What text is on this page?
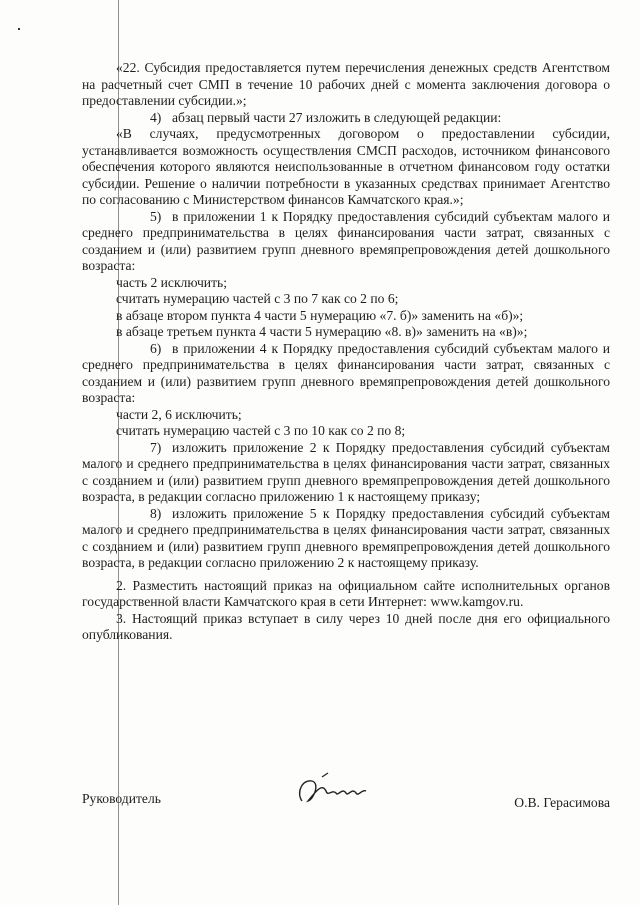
«22. Субсидия предоставляется путем перечисления денежных средств Агентством на расчетный счет СМП в течение 10 рабочих дней с момента заключения договора о предоставлении субсидии.»;

4) абзац первый части 27 изложить в следующей редакции:

«В случаях, предусмотренных договором о предоставлении субсидии, устанавливается возможность осуществления СМСП расходов, источником финансового обеспечения которого являются неиспользованные в отчетном финансовом году остатки субсидии. Решение о наличии потребности в указанных средствах принимает Агентство по согласованию с Министерством финансов Камчатского края.»;

5) в приложении 1 к Порядку предоставления субсидий субъектам малого и среднего предпринимательства в целях финансирования части затрат, связанных с созданием и (или) развитием групп дневного времяпрепровождения детей дошкольного возраста:

часть 2 исключить;

считать нумерацию частей с 3 по 7 как со 2 по 6;

в абзаце втором пункта 4 части 5 нумерацию «7. б)» заменить на «б)»;

в абзаце третьем пункта 4 части 5 нумерацию «8. в)» заменить на «в)»;

6) в приложении 4 к Порядку предоставления субсидий субъектам малого и среднего предпринимательства в целях финансирования части затрат, связанных с созданием и (или) развитием групп дневного времяпрепровождения детей дошкольного возраста:

части 2, 6 исключить;

считать нумерацию частей с 3 по 10 как со 2 по 8;

7) изложить приложение 2 к Порядку предоставления субсидий субъектам малого и среднего предпринимательства в целях финансирования части затрат, связанных с созданием и (или) развитием групп дневного времяпрепровождения детей дошкольного возраста, в редакции согласно приложению 1 к настоящему приказу;

8) изложить приложение 5 к Порядку предоставления субсидий субъектам малого и среднего предпринимательства в целях финансирования части затрат, связанных с созданием и (или) развитием групп дневного времяпрепровождения детей дошкольного возраста, в редакции согласно приложению 2 к настоящему приказу.

2. Разместить настоящий приказ на официальном сайте исполнительных органов государственной власти Камчатского края в сети Интернет: www.kamgov.ru.

3. Настоящий приказ вступает в силу через 10 дней после дня его официального опубликования.

Руководитель	О.В. Герасимова
